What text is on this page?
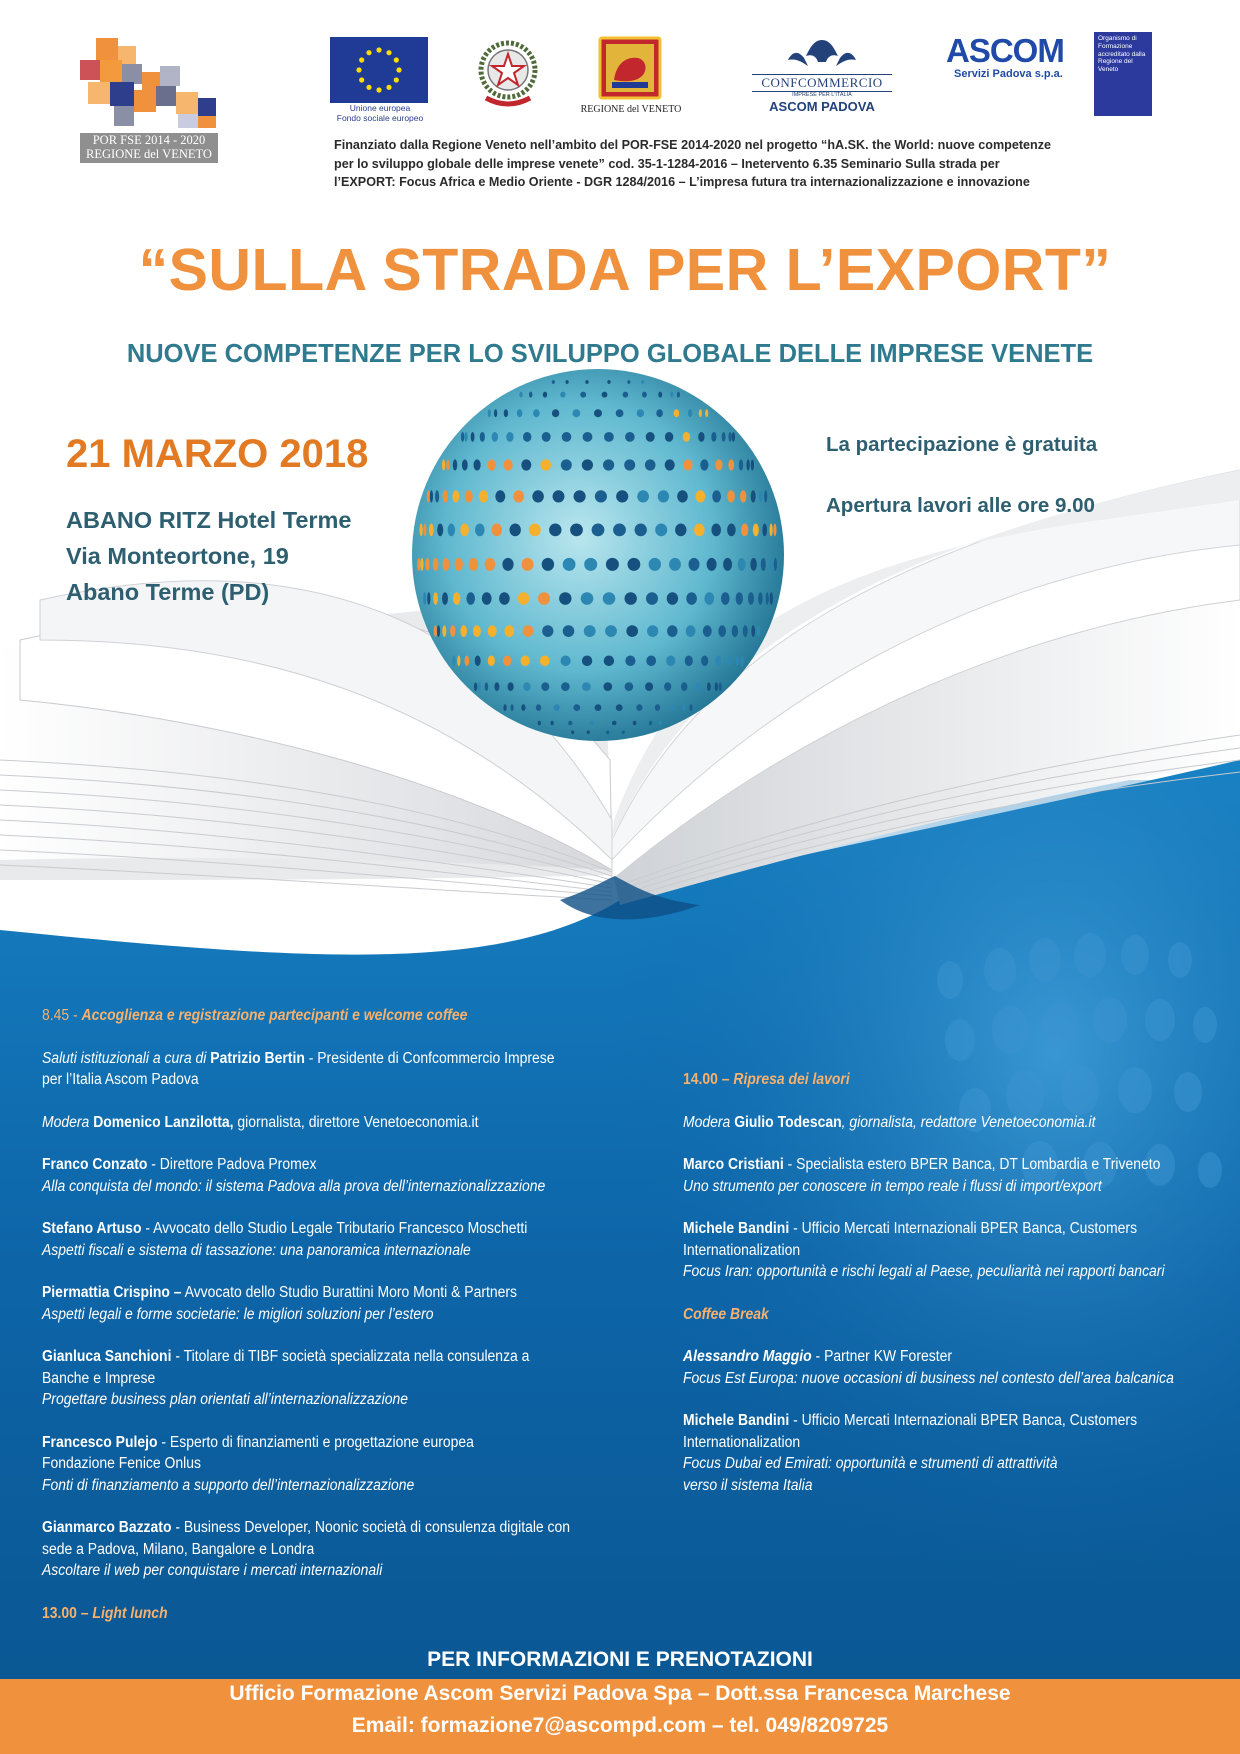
POR FSE 2014 - 2020
REGIONE del VENETO
Unione europea
Fondo sociale europeo
REGIONE del VENETO
CONFCOMMERCIO
IMPRESE PER L'ITALIA
ASCOM PADOVA
ASCOM
Servizi Padova s.p.a.
Organismo di Formazione accreditato dalla Regione del Veneto
Finanziato dalla Regione Veneto nell’ambito del POR-FSE 2014-2020 nel progetto “hA.SK. the World: nuove competenze
per lo sviluppo globale delle imprese venete” cod. 35-1-1284-2016 – Inetervento 6.35 Seminario Sulla strada per
l’EXPORT: Focus Africa e Medio Oriente - DGR 1284/2016 – L’impresa futura tra internazionalizzazione e innovazione
“SULLA STRADA PER L’EXPORT”
NUOVE COMPETENZE PER LO SVILUPPO GLOBALE DELLE IMPRESE VENETE
21 MARZO 2018
ABANO RITZ Hotel Terme
Via Monteortone, 19
Abano Terme (PD)
La partecipazione è gratuita
Apertura lavori alle ore 9.00
8.45 - Accoglienza e registrazione partecipanti e welcome coffee
Saluti istituzionali a cura di Patrizio Bertin - Presidente di Confcommercio Imprese
per l’Italia Ascom Padova
Modera Domenico Lanzilotta, giornalista, direttore Venetoeconomia.it
Franco Conzato - Direttore Padova Promex
Alla conquista del mondo: il sistema Padova alla prova dell’internazionalizzazione
Stefano Artuso - Avvocato dello Studio Legale Tributario Francesco Moschetti
Aspetti fiscali e sistema di tassazione: una panoramica internazionale
Piermattia Crispino – Avvocato dello Studio Burattini Moro Monti & Partners
Aspetti legali e forme societarie: le migliori soluzioni per l’estero
Gianluca Sanchioni - Titolare di TIBF società specializzata nella consulenza a
Banche e Imprese
Progettare business plan orientati all’internazionalizzazione
Francesco Pulejo - Esperto di finanziamenti e progettazione europea
Fondazione Fenice Onlus
Fonti di finanziamento a supporto dell’internazionalizzazione
Gianmarco Bazzato - Business Developer, Noonic società di consulenza digitale con
sede a Padova, Milano, Bangalore e Londra
Ascoltare il web per conquistare i mercati internazionali
13.00 – Light lunch
14.00 – Ripresa dei lavori
Modera Giulio Todescan, giornalista, redattore Venetoeconomia.it
Marco Cristiani - Specialista estero BPER Banca, DT Lombardia e Triveneto
Uno strumento per conoscere in tempo reale i flussi di import/export
Michele Bandini - Ufficio Mercati Internazionali BPER Banca, Customers
Internationalization
Focus Iran: opportunità e rischi legati al Paese, peculiarità nei rapporti bancari
Coffee Break
Alessandro Maggio - Partner KW Forester
Focus Est Europa: nuove occasioni di business nel contesto dell’area balcanica
Michele Bandini - Ufficio Mercati Internazionali BPER Banca, Customers
Internationalization
Focus Dubai ed Emirati: opportunità e strumenti di attrattività
verso il sistema Italia
PER INFORMAZIONI E PRENOTAZIONI
Ufficio Formazione Ascom Servizi Padova Spa – Dott.ssa Francesca Marchese
Email: formazione7@ascompd.com – tel. 049/8209725
